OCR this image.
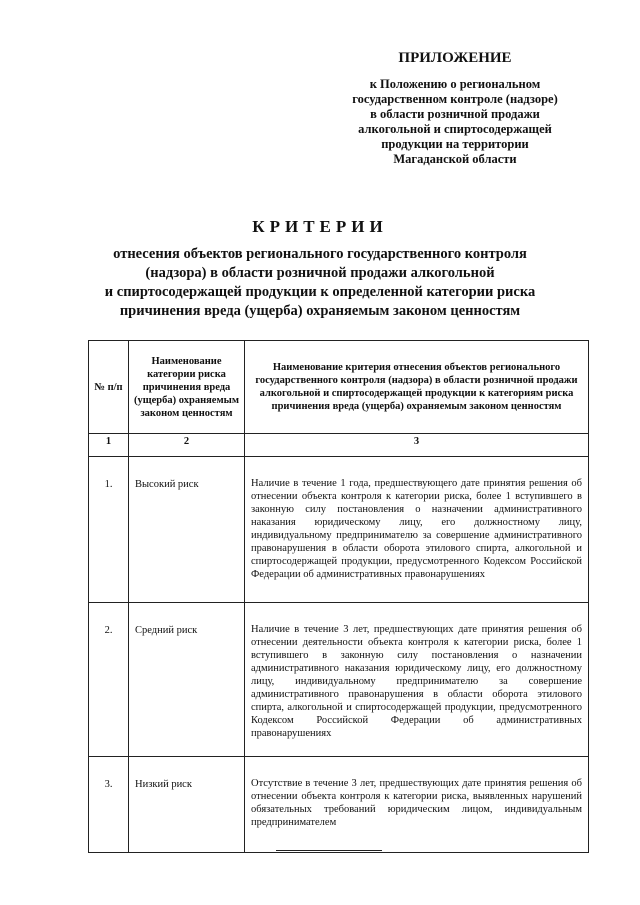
ПРИЛОЖЕНИЕ
к Положению о региональном
государственном контроле (надзоре)
в области розничной продажи
алкогольной и спиртосодержащей
продукции на территории
Магаданской области
КРИТЕРИИ
отнесения объектов регионального государственного контроля
(надзора) в области розничной продажи алкогольной
и спиртосодержащей продукции к определенной категории риска
причинения вреда (ущерба) охраняемым законом ценностям
№ п/п	Наименование категории риска причинения вреда (ущерба) охраняемым законом ценностям	Наименование критерия отнесения объектов регионального государственного контроля (надзора) в области розничной продажи алкогольной и спиртосодержащей продукции к категориям риска причинения вреда (ущерба) охраняемым законом ценностям
1	2	3
1.	Высокий риск	Наличие в течение 1 года, предшествующего дате принятия решения об отнесении объекта контроля к категории риска, более 1 вступившего в законную силу постановления о назначении административного наказания юридическому лицу, его должностному лицу, индивидуальному предпринимателю за совершение административного правонарушения в области оборота этилового спирта, алкогольной и спиртосодержащей продукции, предусмотренного Кодексом Российской Федерации об административных правонарушениях
2.	Средний риск	Наличие в течение 3 лет, предшествующих дате принятия решения об отнесении деятельности объекта контроля к категории риска, более 1 вступившего в законную силу постановления о назначении административного наказания юридическому лицу, его должностному лицу, индивидуальному предпринимателю за совершение административного правонарушения в области оборота этилового спирта, алкогольной и спиртосодержащей продукции, предусмотренного Кодексом Российской Федерации об административных правонарушениях
3.	Низкий риск	Отсутствие в течение 3 лет, предшествующих дате принятия решения об отнесении объекта контроля к категории риска, выявленных нарушений обязательных требований юридическим лицом, индивидуальным предпринимателем
